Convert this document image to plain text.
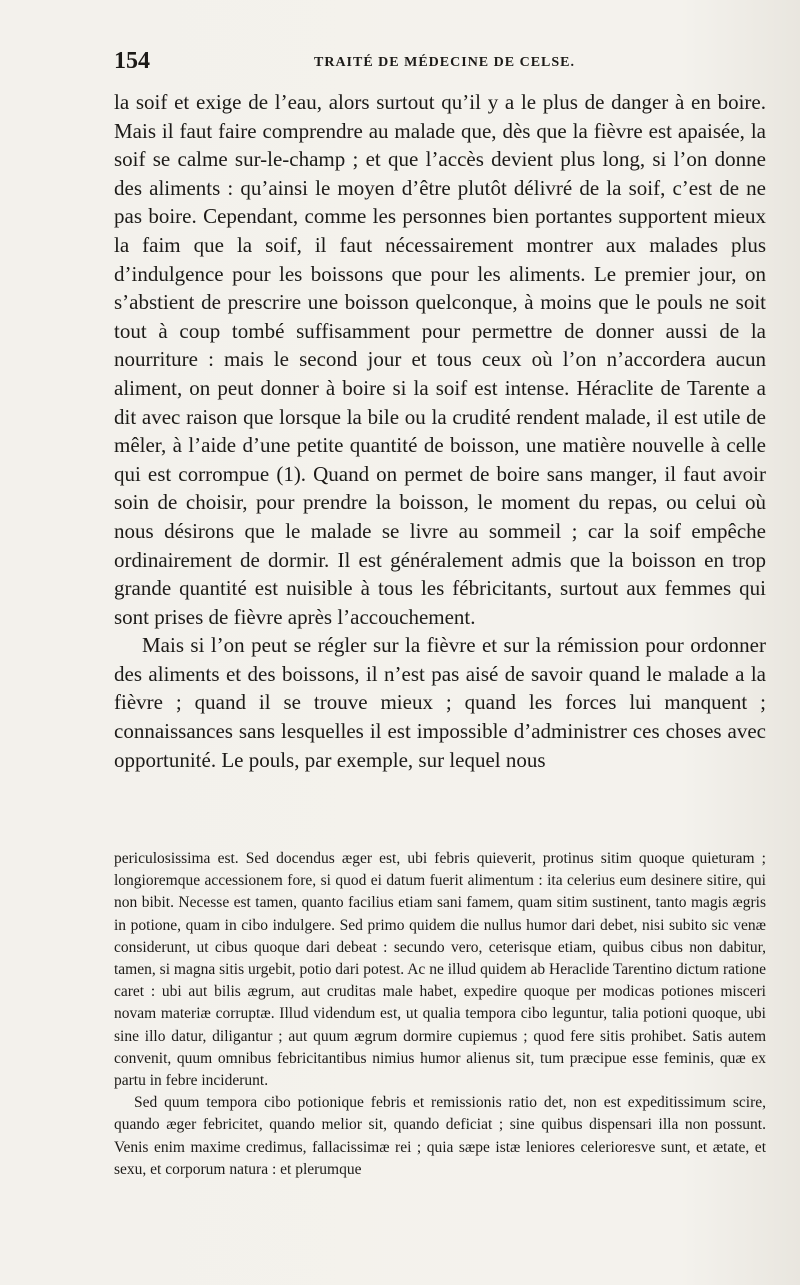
154	TRAITÉ DE MÉDECINE DE CELSE.

la soif et exige de l’eau, alors surtout qu’il y a le plus de danger à en boire. Mais il faut faire comprendre au malade que, dès que la fièvre est apaisée, la soif se calme sur-le-champ ; et que l’accès devient plus long, si l’on donne des aliments : qu’ainsi le moyen d’être plutôt délivré de la soif, c’est de ne pas boire. Cependant, comme les personnes bien portantes supportent mieux la faim que la soif, il faut nécessairement montrer aux malades plus d’indulgence pour les boissons que pour les aliments. Le premier jour, on s’abstient de prescrire une boisson quelconque, à moins que le pouls ne soit tout à coup tombé suffisamment pour permettre de donner aussi de la nourriture : mais le second jour et tous ceux où l’on n’accordera aucun aliment, on peut donner à boire si la soif est intense. Héraclite de Tarente a dit avec raison que lorsque la bile ou la crudité rendent malade, il est utile de mêler, à l’aide d’une petite quantité de boisson, une matière nouvelle à celle qui est corrompue (1). Quand on permet de boire sans manger, il faut avoir soin de choisir, pour prendre la boisson, le moment du repas, ou celui où nous désirons que le malade se livre au sommeil ; car la soif empêche ordinairement de dormir. Il est généralement admis que la boisson en trop grande quantité est nuisible à tous les fébricitants, surtout aux femmes qui sont prises de fièvre après l’accouchement.

Mais si l’on peut se régler sur la fièvre et sur la rémission pour ordonner des aliments et des boissons, il n’est pas aisé de savoir quand le malade a la fièvre ; quand il se trouve mieux ; quand les forces lui manquent ; connaissances sans lesquelles il est impossible d’administrer ces choses avec opportunité. Le pouls, par exemple, sur lequel nous

periculosissima est. Sed docendus æger est, ubi febris quieverit, protinus sitim quoque quieturam ; longioremque accessionem fore, si quod ei datum fuerit alimentum : ita celerius eum desinere sitire, qui non bibit. Necesse est tamen, quanto facilius etiam sani famem, quam sitim sustinent, tanto magis ægris in potione, quam in cibo indulgere. Sed primo quidem die nullus humor dari debet, nisi subito sic venæ considerunt, ut cibus quoque dari debeat : secundo vero, ceterisque etiam, quibus cibus non dabitur, tamen, si magna sitis urgebit, potio dari potest. Ac ne illud quidem ab Heraclide Tarentino dictum ratione caret : ubi aut bilis ægrum, aut cruditas male habet, expedire quoque per modicas potiones misceri novam materiæ corruptæ. Illud videndum est, ut qualia tempora cibo leguntur, talia potioni quoque, ubi sine illo datur, diligantur ; aut quum ægrum dormire cupiemus ; quod fere sitis prohibet. Satis autem convenit, quum omnibus febricitantibus nimius humor alienus sit, tum præcipue esse feminis, quæ ex partu in febre inciderunt.

Sed quum tempora cibo potionique febris et remissionis ratio det, non est expeditissimum scire, quando æger febricitet, quando melior sit, quando deficiat ; sine quibus dispensari illa non possunt. Venis enim maxime credimus, fallacissimæ rei ; quia sæpe istæ leniores celerioresve sunt, et ætate, et sexu, et corporum natura : et plerumque
